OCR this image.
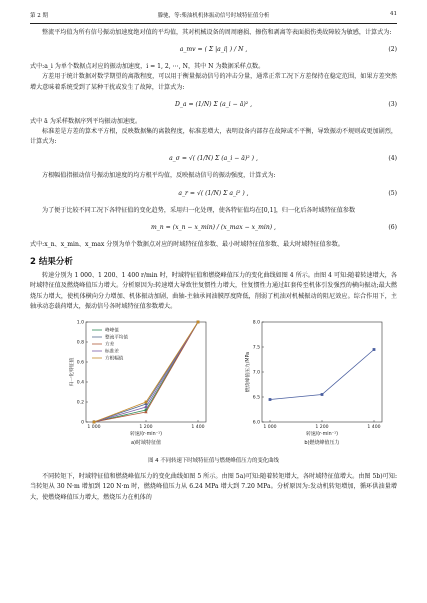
第 2 期	滕驰，等:柴油机机体振动信号时域特征值分析	41

整流平均值为所有信号振动加速度绝对值的平均值，其对机械设备的周周磨损、擦伤和剥离等表面损伤类故障较为敏感，计算式为:

a_mv = ( Σ |a_i| ) / N ,	(2)

式中:a_i 为单个数据点对应的振动加速度，i = 1, 2, ⋯, N，其中 N 为数据采样点数。

方差用于统计数据对数学期望的离散程度，可以用于衡量振动信号的冲击分量，通常正常工况下方差保持在稳定范围，如果方差突然增大意味着系统受到了某种干扰或发生了故障，计算式为:

D_a = (1/N) Σ (a_i − ā)² ,	(3)

式中 ā 为采样数据序列平均振动加速度。

标准差是方差的算术平方根，反映数据集的离散程度，标准差增大，表明设备内部存在故障或不平衡，导致振动不规则或更加剧烈，计算式为:

a_σ = √( (1/N) Σ (a_i − ā)² ) ,	(4)

方根幅值指振动信号振动加速度的均方根平均值，反映振动信号的振动强度，计算式为:

a_r = √( (1/N) Σ a_i² ) ,	(5)

为了便于比较不同工况下各特征值的变化趋势，采用归一化处理，使各特征值均在[0,1]，归一化后各时域特征值参数

m_n = (x_n − x_min) / (x_max − x_min) ,	(6)

式中:x_n、x_min、x_max 分别为单个数据点对应的时域特征值参数、最小时域特征值参数、最大时域特征值参数。

2 结果分析

转速分别为 1 000、1 200、1 400 r/min 时，时域特征值和燃烧峰值压力的变化曲线如图 4 所示。由图 4 可知:随着转速增大，各时域特征值及燃烧峰值压力增大。分析原因为:转速增大导致往复惯性力增大，往复惯性力通过缸套传至机体引发强烈的横向振动;最大燃烧压力增大，使机体横向分力增加、机体振动加剧，曲轴-主轴承间油膜厚度降低，削弱了机油对机械振动的阻尼效应。综合作用下，主轴承动态载荷增大，振动信号各时域特征值参数增大。

0
0.2
0.4
0.6
0.8
1.0
1 000	1 200	1 400
转速/(r·min⁻¹)
归一化特征值
a)时域特征值
峰峰值
整流平均值
方差
标准差
方根幅值
6.0
6.5
7.0
7.5
8.0
1 000	1 200	1 400
转速/(r·min⁻¹)
燃烧峰值压力/MPa
b)燃烧峰值压力
图 4 不同转速下时域特征值与燃烧峰值压力的变化曲线

不同转矩下，时域特征值和燃烧峰值压力的变化曲线如图 5 所示。由图 5a)可知:随着转矩增大，各时域特征值增大。由图 5b)可知:当转矩从 30 N·m 增加到 120 N·m 时，燃烧峰值压力从 6.24 MPa 增大到 7.20 MPa。分析原因为:发动机转矩增加，循环供油量增大，使燃烧峰值压力增大，燃烧压力在机体的
